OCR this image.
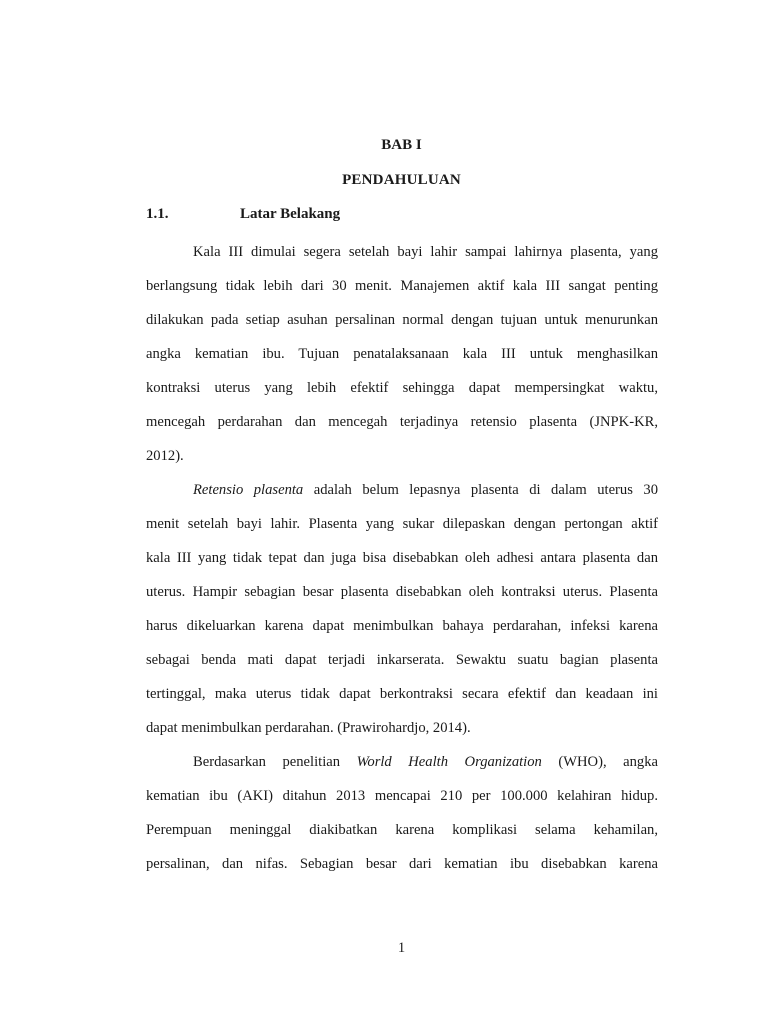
BAB I
PENDAHULUAN
1.1.	Latar Belakang
Kala III dimulai segera setelah bayi lahir sampai lahirnya plasenta, yang
berlangsung tidak lebih dari 30 menit. Manajemen aktif kala III sangat penting
dilakukan pada setiap asuhan persalinan normal dengan tujuan untuk menurunkan
angka kematian ibu. Tujuan penatalaksanaan kala III untuk menghasilkan
kontraksi uterus yang lebih efektif sehingga dapat mempersingkat waktu,
mencegah perdarahan dan mencegah terjadinya retensio plasenta (JNPK-KR,
2012).
Retensio plasenta adalah belum lepasnya plasenta di dalam uterus 30
menit setelah bayi lahir. Plasenta yang sukar dilepaskan dengan pertongan aktif
kala III yang tidak tepat dan juga bisa disebabkan oleh adhesi antara plasenta dan
uterus. Hampir sebagian besar plasenta disebabkan oleh kontraksi uterus. Plasenta
harus dikeluarkan karena dapat menimbulkan bahaya perdarahan, infeksi karena
sebagai benda mati dapat terjadi inkarserata. Sewaktu suatu bagian plasenta
tertinggal, maka uterus tidak dapat berkontraksi secara efektif dan keadaan ini
dapat menimbulkan perdarahan. (Prawirohardjo, 2014).
Berdasarkan penelitian World Health Organization (WHO), angka
kematian ibu (AKI) ditahun 2013 mencapai 210 per 100.000 kelahiran hidup.
Perempuan meninggal diakibatkan karena komplikasi selama kehamilan,
persalinan, dan nifas. Sebagian besar dari kematian ibu disebabkan karena
1
